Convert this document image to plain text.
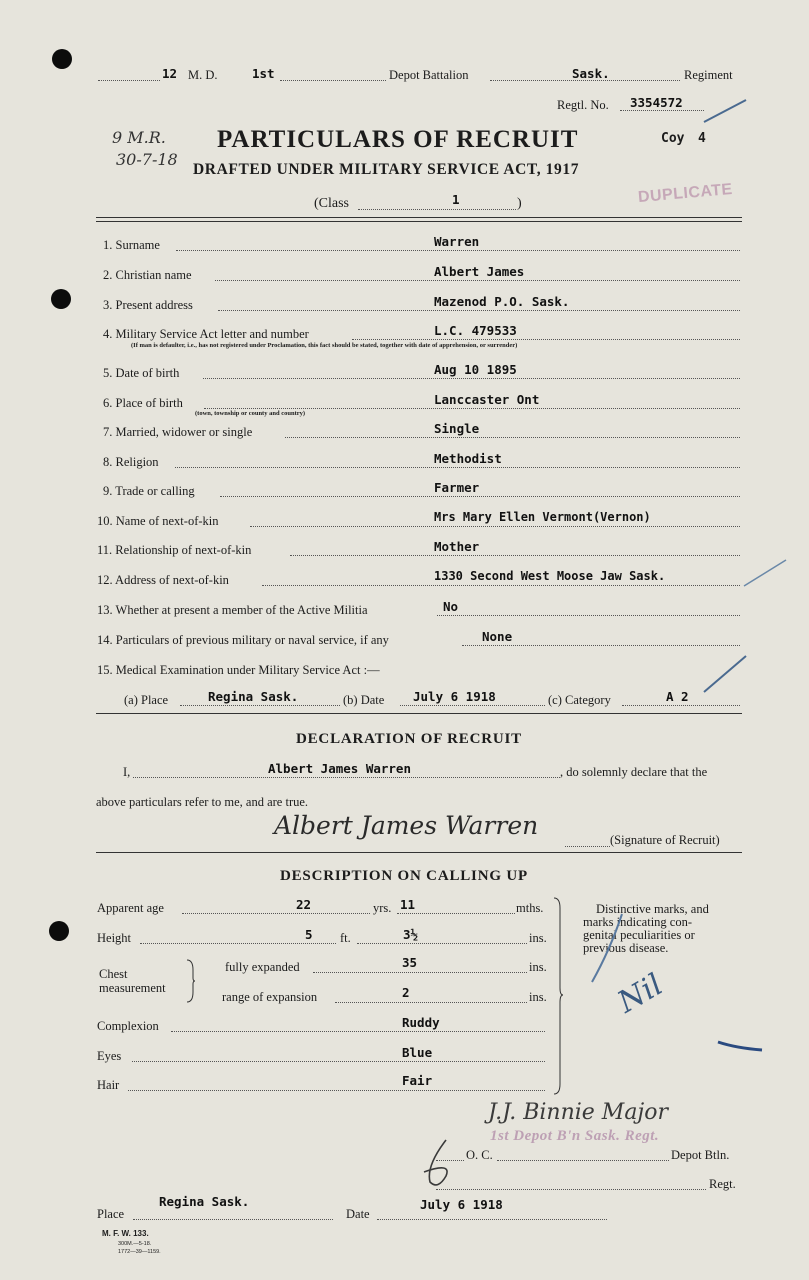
12 M. D.	1st	Depot Battalion	Sask.	Regiment
Regtl. No. 3354572
9 M.R.
30-7-18
PARTICULARS OF RECRUIT	Coy 4
DRAFTED UNDER MILITARY SERVICE ACT, 1917
DUPLICATE
(Class	1	)
1. Surname	Warren
2. Christian name	Albert James
3. Present address	Mazenod P.O. Sask.
4. Military Service Act letter and number	L.C. 479533
(If man is defaulter, i.e., has not registered under Proclamation, this fact should be stated, together with date of apprehension, or surrender)
5. Date of birth	Aug 10 1895
6. Place of birth	Lanccaster Ont
(town, township or county and country)
7. Married, widower or single	Single
8. Religion	Methodist
9. Trade or calling	Farmer
10. Name of next-of-kin	Mrs Mary Ellen Vermont(Vernon)
11. Relationship of next-of-kin	Mother
12. Address of next-of-kin	1330 Second West Moose Jaw Sask.
13. Whether at present a member of the Active Militia	No
14. Particulars of previous military or naval service, if any	None
15. Medical Examination under Military Service Act :—
(a) Place	Regina Sask.	(b) Date July 6 1918	(c) Category	A 2
DECLARATION OF RECRUIT
I,	Albert James Warren	, do solemnly declare that the
above particulars refer to me, and are true.
Albert James Warren	(Signature of Recruit)
DESCRIPTION ON CALLING UP
Apparent age	22	yrs. 11	mths.
Height	5 ft.	3½	ins.
Chest
measurement
fully expanded	35	ins.
range of expansion	2	ins.
Complexion	Ruddy
Eyes	Blue
Hair	Fair
Distinctive marks, and
marks indicating con-
genital peculiarities or
previous disease.
Nil
J.J. Binnie Major
1st Depot B'n Sask. Regt.
O. C.	Depot Btln.
Regt.
Place
Regina Sask.
Date
July 6 1918
M. F. W. 133.
300M.—5-18.
1772—39—1159.
